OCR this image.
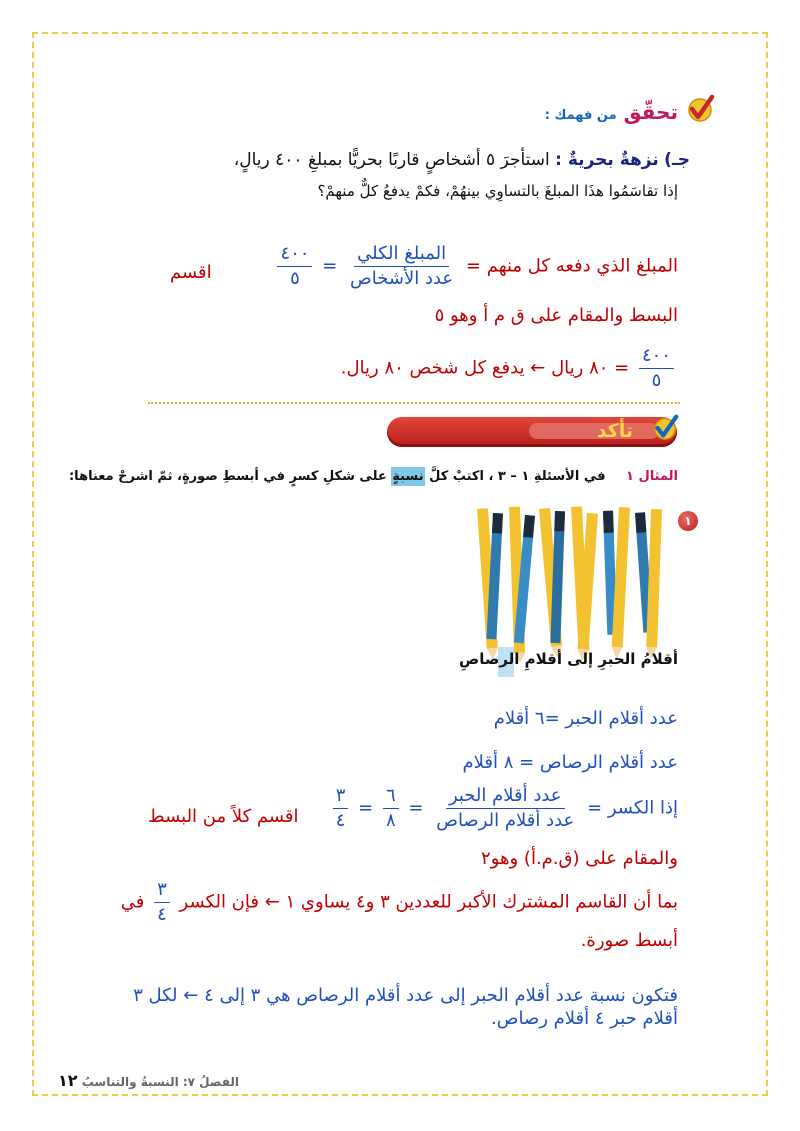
تحقّق من فهمك :
جـ) نزهةٌ بحريةٌ : استأجرَ ٥ أشخاصٍ قاربًا بحريًّا بمبلغِ ٤٠٠ ريالٍ،
إذا تقاسَمُوا هذَا المبلغَ بالتساوِي بينهُمْ، فكمْ يدفعُ كلٌّ منهمْ؟
المبلغ الذي دفعه كل منهم =
$\frac{\text{المبلغ الكلي}}{\text{عدد الأشخاص}}$
=
$\frac{٤٠٠}{٥}$
اقسم
البسط والمقام على ق م أ وهو ٥
$\frac{٤٠٠}{٥}$
= ٨٠ ريال ← يدفع كل شخص ٨٠ ريال.
تأكد
المثال ١ في الأسئلةِ ١ – ٣ ، اكتبْ كلَّ نسبةٍ على شكلِ كسرٍ في أبسطِ صورةٍ، ثمّ اشرحْ معناها:
١
أقلامُ الحبرِ إلى أقلامِ الرصاصِ
عدد أقلام الحبر =٦ أقلام
عدد أقلام الرصاص = ٨ أقلام
إذا الكسر =
$\frac{\text{عدد أقلام الحبر}}{\text{عدد أقلام الرصاص}}$
=
$\frac{٦}{٨}$
=
$\frac{٣}{٤}$
اقسم كلاً من البسط
والمقام على (ق.م.أ) وهو٢
بما أن القاسم المشترك الأكبر للعددين ٣ و٤ يساوي ١ ← فإن الكسر
$\frac{٣}{٤}$
في
أبسط صورة.
فتكون نسبة عدد أقلام الحبر إلى عدد أقلام الرصاص هي ٣ إلى ٤ ← لكل ٣ أقلام حبر ٤ أقلام رصاص.
الفصلُ ٧: النسبةُ والتناسبُ ١٢
